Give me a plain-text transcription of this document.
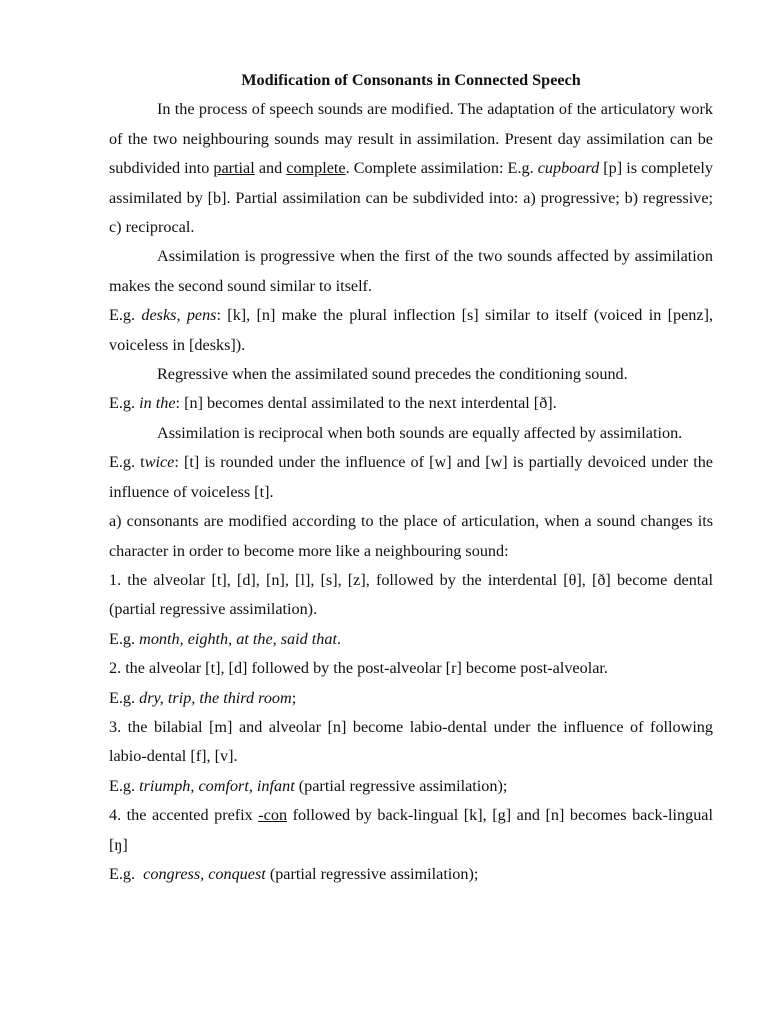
Modification of Consonants in Connected Speech

In the process of speech sounds are modified. The adaptation of the articulatory work of the two neighbouring sounds may result in assimilation. Present day assimilation can be subdivided into partial and complete. Complete assimilation: E.g. cupboard [p] is completely assimilated by [b]. Partial assimilation can be subdivided into: a) progressive; b) regressive; c) reciprocal.

Assimilation is progressive when the first of the two sounds affected by assimilation makes the second sound similar to itself.

E.g. desks, pens: [k], [n] make the plural inflection [s] similar to itself (voiced in [penz], voiceless in [desks]).

Regressive when the assimilated sound precedes the conditioning sound.

E.g. in the: [n] becomes dental assimilated to the next interdental [ð].

Assimilation is reciprocal when both sounds are equally affected by assimilation.

E.g. twice: [t] is rounded under the influence of [w] and [w] is partially devoiced under the influence of voiceless [t].

a) consonants are modified according to the place of articulation, when a sound changes its character in order to become more like a neighbouring sound:

1. the alveolar [t], [d], [n], [l], [s], [z], followed by the interdental [θ], [ð] become dental (partial regressive assimilation).

E.g. month, eighth, at the, said that.

2. the alveolar [t], [d] followed by the post-alveolar [r] become post-alveolar.

E.g. dry, trip, the third room;

3. the bilabial [m] and alveolar [n] become labio-dental under the influence of following labio-dental [f], [v].

E.g. triumph, comfort, infant (partial regressive assimilation);

4. the accented prefix -con followed by back-lingual [k], [g] and [n] becomes back-lingual [ŋ]

E.g.  congress, conquest (partial regressive assimilation);
